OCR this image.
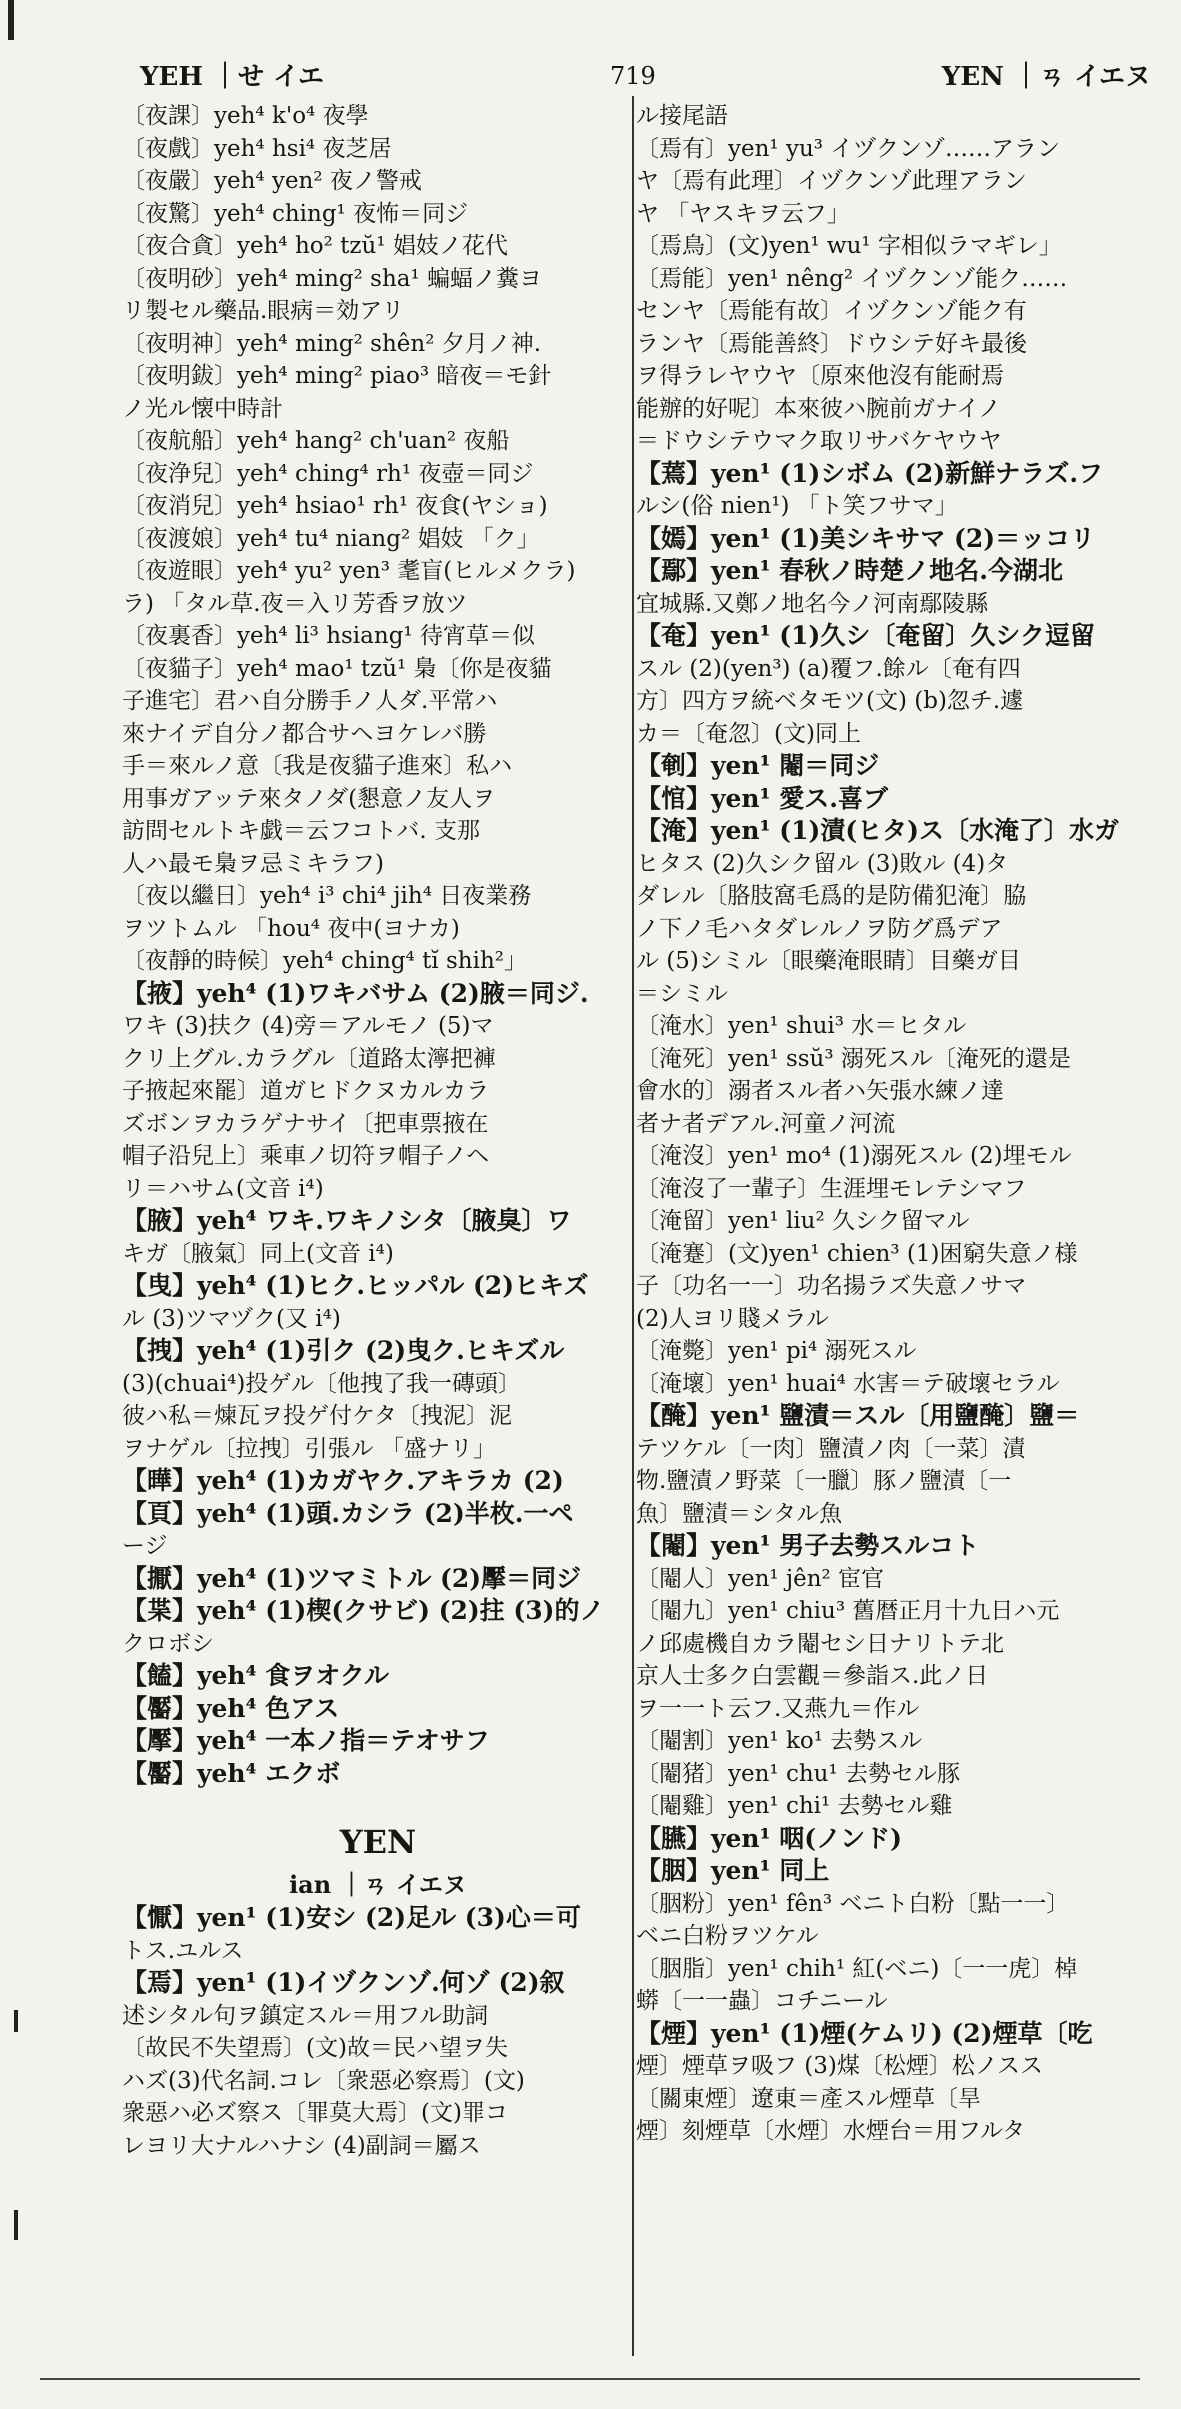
YEH ｜せ イエ	719	YEN ｜ㄢ イエヌ
〔夜課〕yeh⁴ k'o⁴ 夜學
〔夜戲〕yeh⁴ hsi⁴ 夜芝居
〔夜嚴〕yeh⁴ yen² 夜ノ警戒
〔夜驚〕yeh⁴ ching¹ 夜怖＝同ジ
〔夜合貪〕yeh⁴ ho² tzŭ¹ 娼妓ノ花代
〔夜明砂〕yeh⁴ ming² sha¹ 蝙蝠ノ糞ヨ
リ製セル藥品.眼病＝効アリ
〔夜明神〕yeh⁴ ming² shên² 夕月ノ神.
〔夜明鈸〕yeh⁴ ming² piao³ 暗夜＝モ針
ノ光ル懐中時計
〔夜航船〕yeh⁴ hang² ch'uan² 夜船
〔夜浄兒〕yeh⁴ ching⁴ rh¹ 夜壺＝同ジ
〔夜消兒〕yeh⁴ hsiao¹ rh¹ 夜食(ヤショ)
〔夜渡娘〕yeh⁴ tu⁴ niang² 娼妓 「ク」
〔夜遊眼〕yeh⁴ yu² yen³ 耄盲(ヒルメクラ)
ラ) 「タル草.夜＝入リ芳香ヲ放ツ
〔夜裏香〕yeh⁴ li³ hsiang¹ 待宵草＝似
〔夜貓子〕yeh⁴ mao¹ tzŭ¹ 梟〔你是夜貓
子進宅〕君ハ自分勝手ノ人ダ.平常ハ
來ナイデ自分ノ都合サヘヨケレバ勝
手＝來ルノ意〔我是夜貓子進來〕私ハ
用事ガアッテ來タノダ(懇意ノ友人ヲ
訪問セルトキ戯＝云フコトバ. 支那
人ハ最モ梟ヲ忌ミキラフ)
〔夜以繼日〕yeh⁴ i³ chi⁴ jih⁴ 日夜業務
ヲツトムル 「hou⁴ 夜中(ヨナカ)
〔夜靜的時候〕yeh⁴ ching⁴ tĭ shih²」
【掖】yeh⁴ (1)ワキバサム (2)腋＝同ジ.
ワキ (3)扶ク (4)旁＝アルモノ (5)マ
クリ上グル.カラグル〔道路太濘把褲
子掖起來罷〕道ガヒドクヌカルカラ
ズボンヲカラゲナサイ〔把車票掖在
帽子沿兒上〕乘車ノ切符ヲ帽子ノヘ
リ＝ハサム(文音 i⁴)
【腋】yeh⁴ ワキ.ワキノシタ〔腋臭〕ワ
キガ〔腋氣〕同上(文音 i⁴)
【曳】yeh⁴ (1)ヒク.ヒッパル (2)ヒキズ
ル (3)ツマヅク(又 i⁴)
【拽】yeh⁴ (1)引ク (2)曳ク.ヒキズル
(3)(chuai⁴)投ゲル〔他拽了我一磚頭〕
彼ハ私＝煉瓦ヲ投ゲ付ケタ〔拽泥〕泥
ヲナゲル〔拉拽〕引張ル 「盛ナリ」
【曄】yeh⁴ (1)カガヤク.アキラカ (2)
【頁】yeh⁴ (1)頭.カシラ (2)半枚.一ペ
ージ
【擫】yeh⁴ (1)ツマミトル (2)擪＝同ジ
【枼】yeh⁴ (1)楔(クサビ) (2)拄 (3)的ノ
クロボシ
【饁】yeh⁴ 食ヲオクル
【靨】yeh⁴ 色アス
【擪】yeh⁴ 一本ノ指＝テオサフ
【靨】yeh⁴ エクボ
YEN
ian ｜ㄢ イエヌ
【懨】yen¹ (1)安シ (2)足ル (3)心＝可
トス.ユルス
【焉】yen¹ (1)イヅクンゾ.何ゾ (2)叙
述シタル句ヲ鎮定スル＝用フル助詞
〔故民不失望焉〕(文)故＝民ハ望ヲ失
ハズ(3)代名詞.コレ〔衆惡必察焉〕(文)
衆惡ハ必ズ察ス〔罪莫大焉〕(文)罪コ
レヨリ大ナルハナシ (4)副詞＝屬ス
ル接尾語
〔焉有〕yen¹ yu³ イヅクンゾ……アラン
ヤ〔焉有此理〕イヅクンゾ此理アラン
ヤ 「ヤスキヲ云フ」
〔焉鳥〕(文)yen¹ wu¹ 字相似ラマギレ」
〔焉能〕yen¹ nêng² イヅクンゾ能ク……
センヤ〔焉能有故〕イヅクンゾ能ク有
ランヤ〔焉能善終〕ドウシテ好キ最後
ヲ得ラレヤウヤ〔原來他沒有能耐焉
能辦的好呢〕本來彼ハ腕前ガナイノ
＝ドウシテウマク取リサバケヤウヤ
【蔫】yen¹ (1)シボム (2)新鮮ナラズ.フ
ルシ(俗 nien¹) 「ト笑フサマ」
【嫣】yen¹ (1)美シキサマ (2)＝ッコリ
【鄢】yen¹ 春秋ノ時楚ノ地名.今湖北
宜城縣.又鄭ノ地名今ノ河南鄢陵縣
【奄】yen¹ (1)久シ〔奄留〕久シク逗留
スル (2)(yen³) (a)覆フ.餘ル〔奄有四
方〕四方ヲ統ベタモツ(文) (b)忽チ.遽
カ＝〔奄忽〕(文)同上
【剦】yen¹ 閹＝同ジ
【悺】yen¹ 愛ス.喜ブ
【淹】yen¹ (1)漬(ヒタ)ス〔水淹了〕水ガ
ヒタス (2)久シク留ル (3)敗ル (4)タ
ダレル〔胳肢窩毛爲的是防備犯淹〕脇
ノ下ノ毛ハタダレルノヲ防グ爲デア
ル (5)シミル〔眼藥淹眼睛〕目藥ガ目
＝シミル
〔淹水〕yen¹ shui³ 水＝ヒタル
〔淹死〕yen¹ ssŭ³ 溺死スル〔淹死的還是
會水的〕溺者スル者ハ矢張水練ノ達
者ナ者デアル.河童ノ河流
〔淹沒〕yen¹ mo⁴ (1)溺死スル (2)埋モル
〔淹沒了一輩子〕生涯埋モレテシマフ
〔淹留〕yen¹ liu² 久シク留マル
〔淹蹇〕(文)yen¹ chien³ (1)困窮失意ノ様
子〔功名一一〕功名揚ラズ失意ノサマ
(2)人ヨリ賤メラル
〔淹斃〕yen¹ pi⁴ 溺死スル
〔淹壞〕yen¹ huai⁴ 水害＝テ破壞セラル
【醃】yen¹ 鹽漬＝スル〔用鹽醃〕鹽＝
テツケル〔一肉〕鹽漬ノ肉〔一菜〕漬
物.鹽漬ノ野菜〔一臘〕豚ノ鹽漬〔一
魚〕鹽漬＝シタル魚
【閹】yen¹ 男子去勢スルコト
〔閹人〕yen¹ jên² 宦官
〔閹九〕yen¹ chiu³ 舊暦正月十九日ハ元
ノ邱處機自カラ閹セシ日ナリトテ北
京人士多ク白雲觀＝參詣ス.此ノ日
ヲ一一ト云フ.又燕九＝作ル
〔閹割〕yen¹ ko¹ 去勢スル
〔閹猪〕yen¹ chu¹ 去勢セル豚
〔閹雞〕yen¹ chi¹ 去勢セル雞
【臙】yen¹ 咽(ノンド)
【胭】yen¹ 同上
〔胭粉〕yen¹ fên³ ベニト白粉〔點一一〕
ベニ白粉ヲツケル
〔胭脂〕yen¹ chih¹ 紅(ベニ)〔一一虎〕棹
蟒〔一一蟲〕コチニール
【煙】yen¹ (1)煙(ケムリ) (2)煙草〔吃
煙〕煙草ヲ吸フ (3)煤〔松煙〕松ノスス
〔關東煙〕遼東＝產スル煙草〔旱
煙〕刻煙草〔水煙〕水煙台＝用フルタ
